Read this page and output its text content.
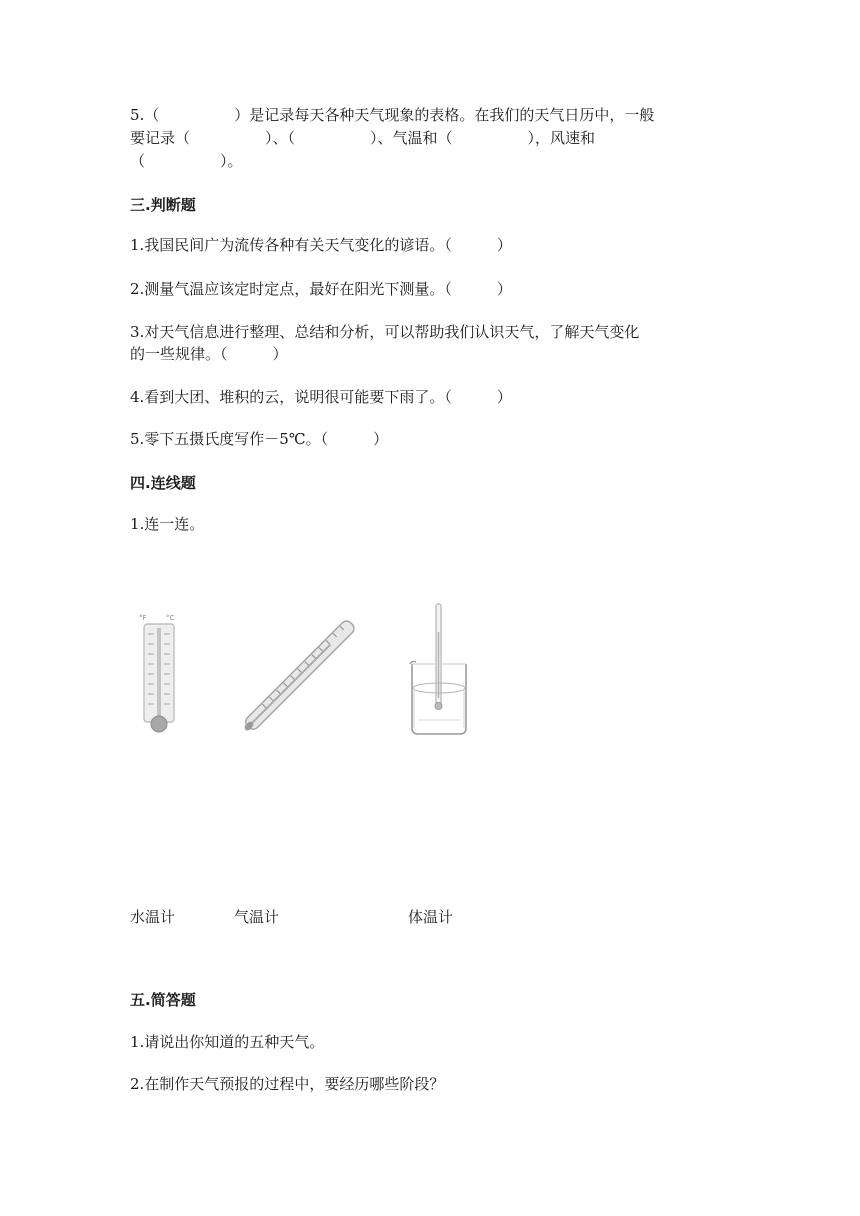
5.（　　　　　）是记录每天各种天气现象的表格。在我们的天气日历中，一般
要记录（　　　　　）、（　　　　　）、气温和（　　　　　），风速和
（　　　　　）。
三.判断题
1.我国民间广为流传各种有关天气变化的谚语。（　　　）
2.测量气温应该定时定点，最好在阳光下测量。（　　　）
3.对天气信息进行整理、总结和分析，可以帮助我们认识天气，了解天气变化
的一些规律。（　　　）
4.看到大团、堆积的云，说明很可能要下雨了。（　　　）
5.零下五摄氏度写作－5℃。（　　　）
四.连线题
1.连一连。
°F	°C
水温计	气温计	体温计
五.简答题
1.请说出你知道的五种天气。
2.在制作天气预报的过程中，要经历哪些阶段？
